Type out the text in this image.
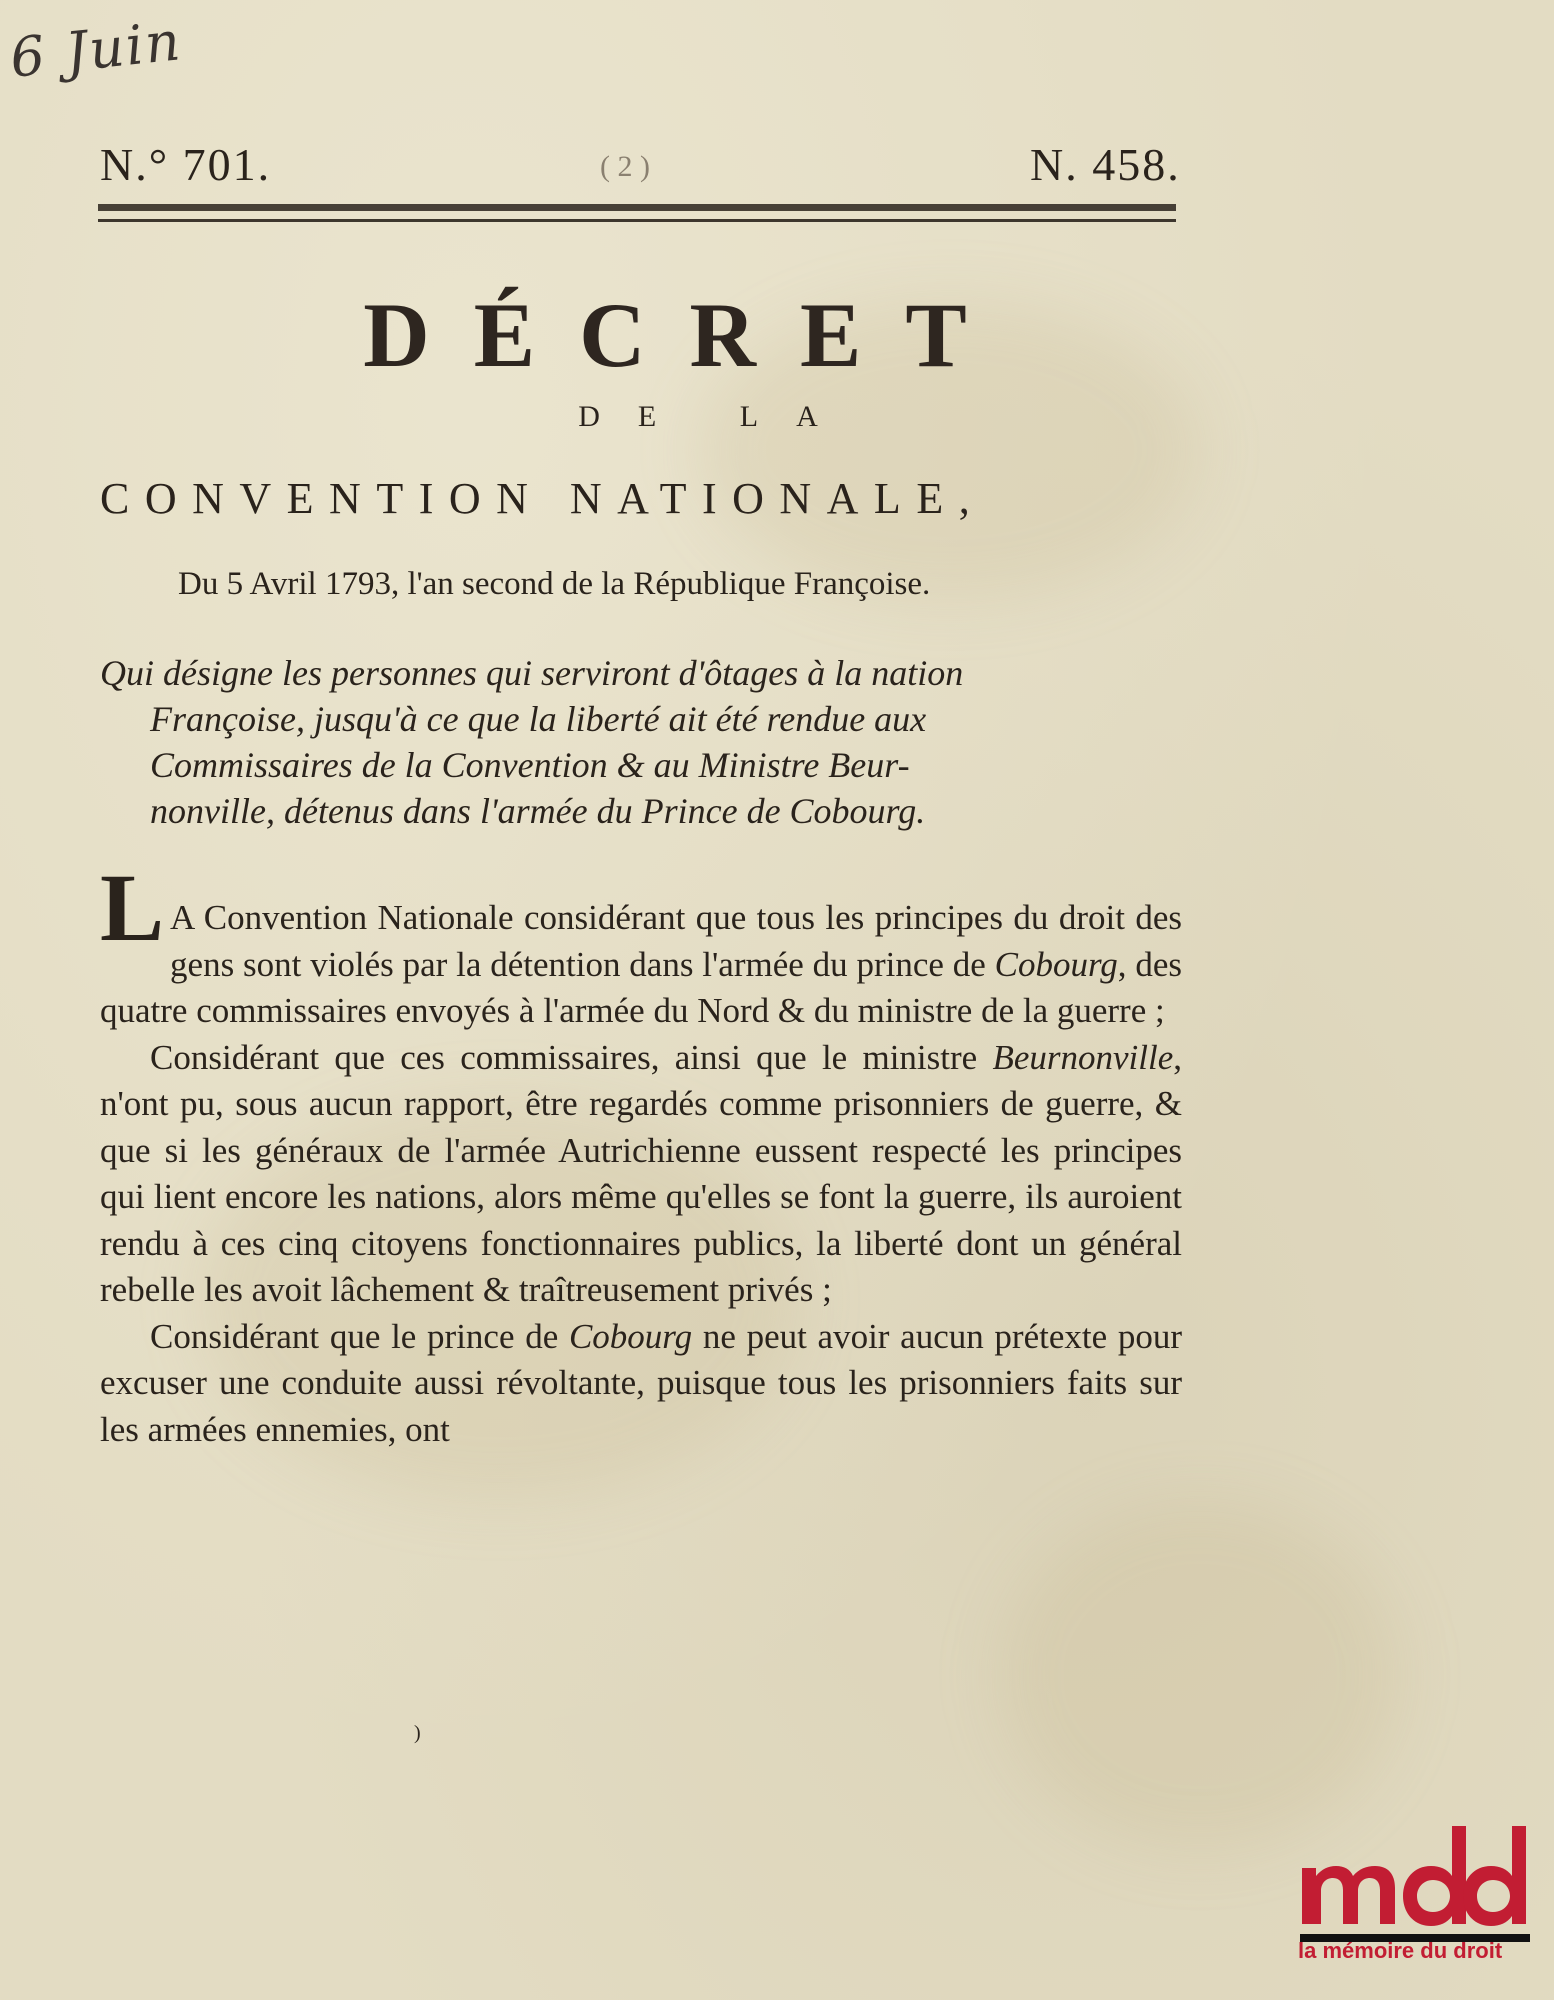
6 Juin
N.° 701.	( 2 )	N. 458.
DÉCRET
DE LA
CONVENTION NATIONALE,
Du 5 Avril 1793, l'an second de la République Françoise.

Qui désigne les personnes qui serviront d'ôtages à la nation

Françoise, jusqu'à ce que la liberté ait été rendue aux

Commissaires de la Convention & au Ministre Beur-

nonville, détenus dans l'armée du Prince de Cobourg.

L A Convention Nationale considérant que tous les principes du droit des gens sont violés par la détention dans l'armée du prince de Cobourg, des quatre commissaires envoyés à l'armée du Nord & du ministre de la guerre ;

Considérant que ces commissaires, ainsi que le ministre Beurnonville, n'ont pu, sous aucun rapport, être regardés comme prisonniers de guerre, & que si les généraux de l'armée Autrichienne eussent respecté les principes qui lient encore les nations, alors même qu'elles se font la guerre, ils auroient rendu à ces cinq citoyens fonctionnaires publics, la liberté dont un général rebelle les avoit lâchement & traîtreusement privés ;

Considérant que le prince de Cobourg ne peut avoir aucun prétexte pour excuser une conduite aussi révoltante, puisque tous les prisonniers faits sur les armées ennemies, ont

)
la mémoire du droit
